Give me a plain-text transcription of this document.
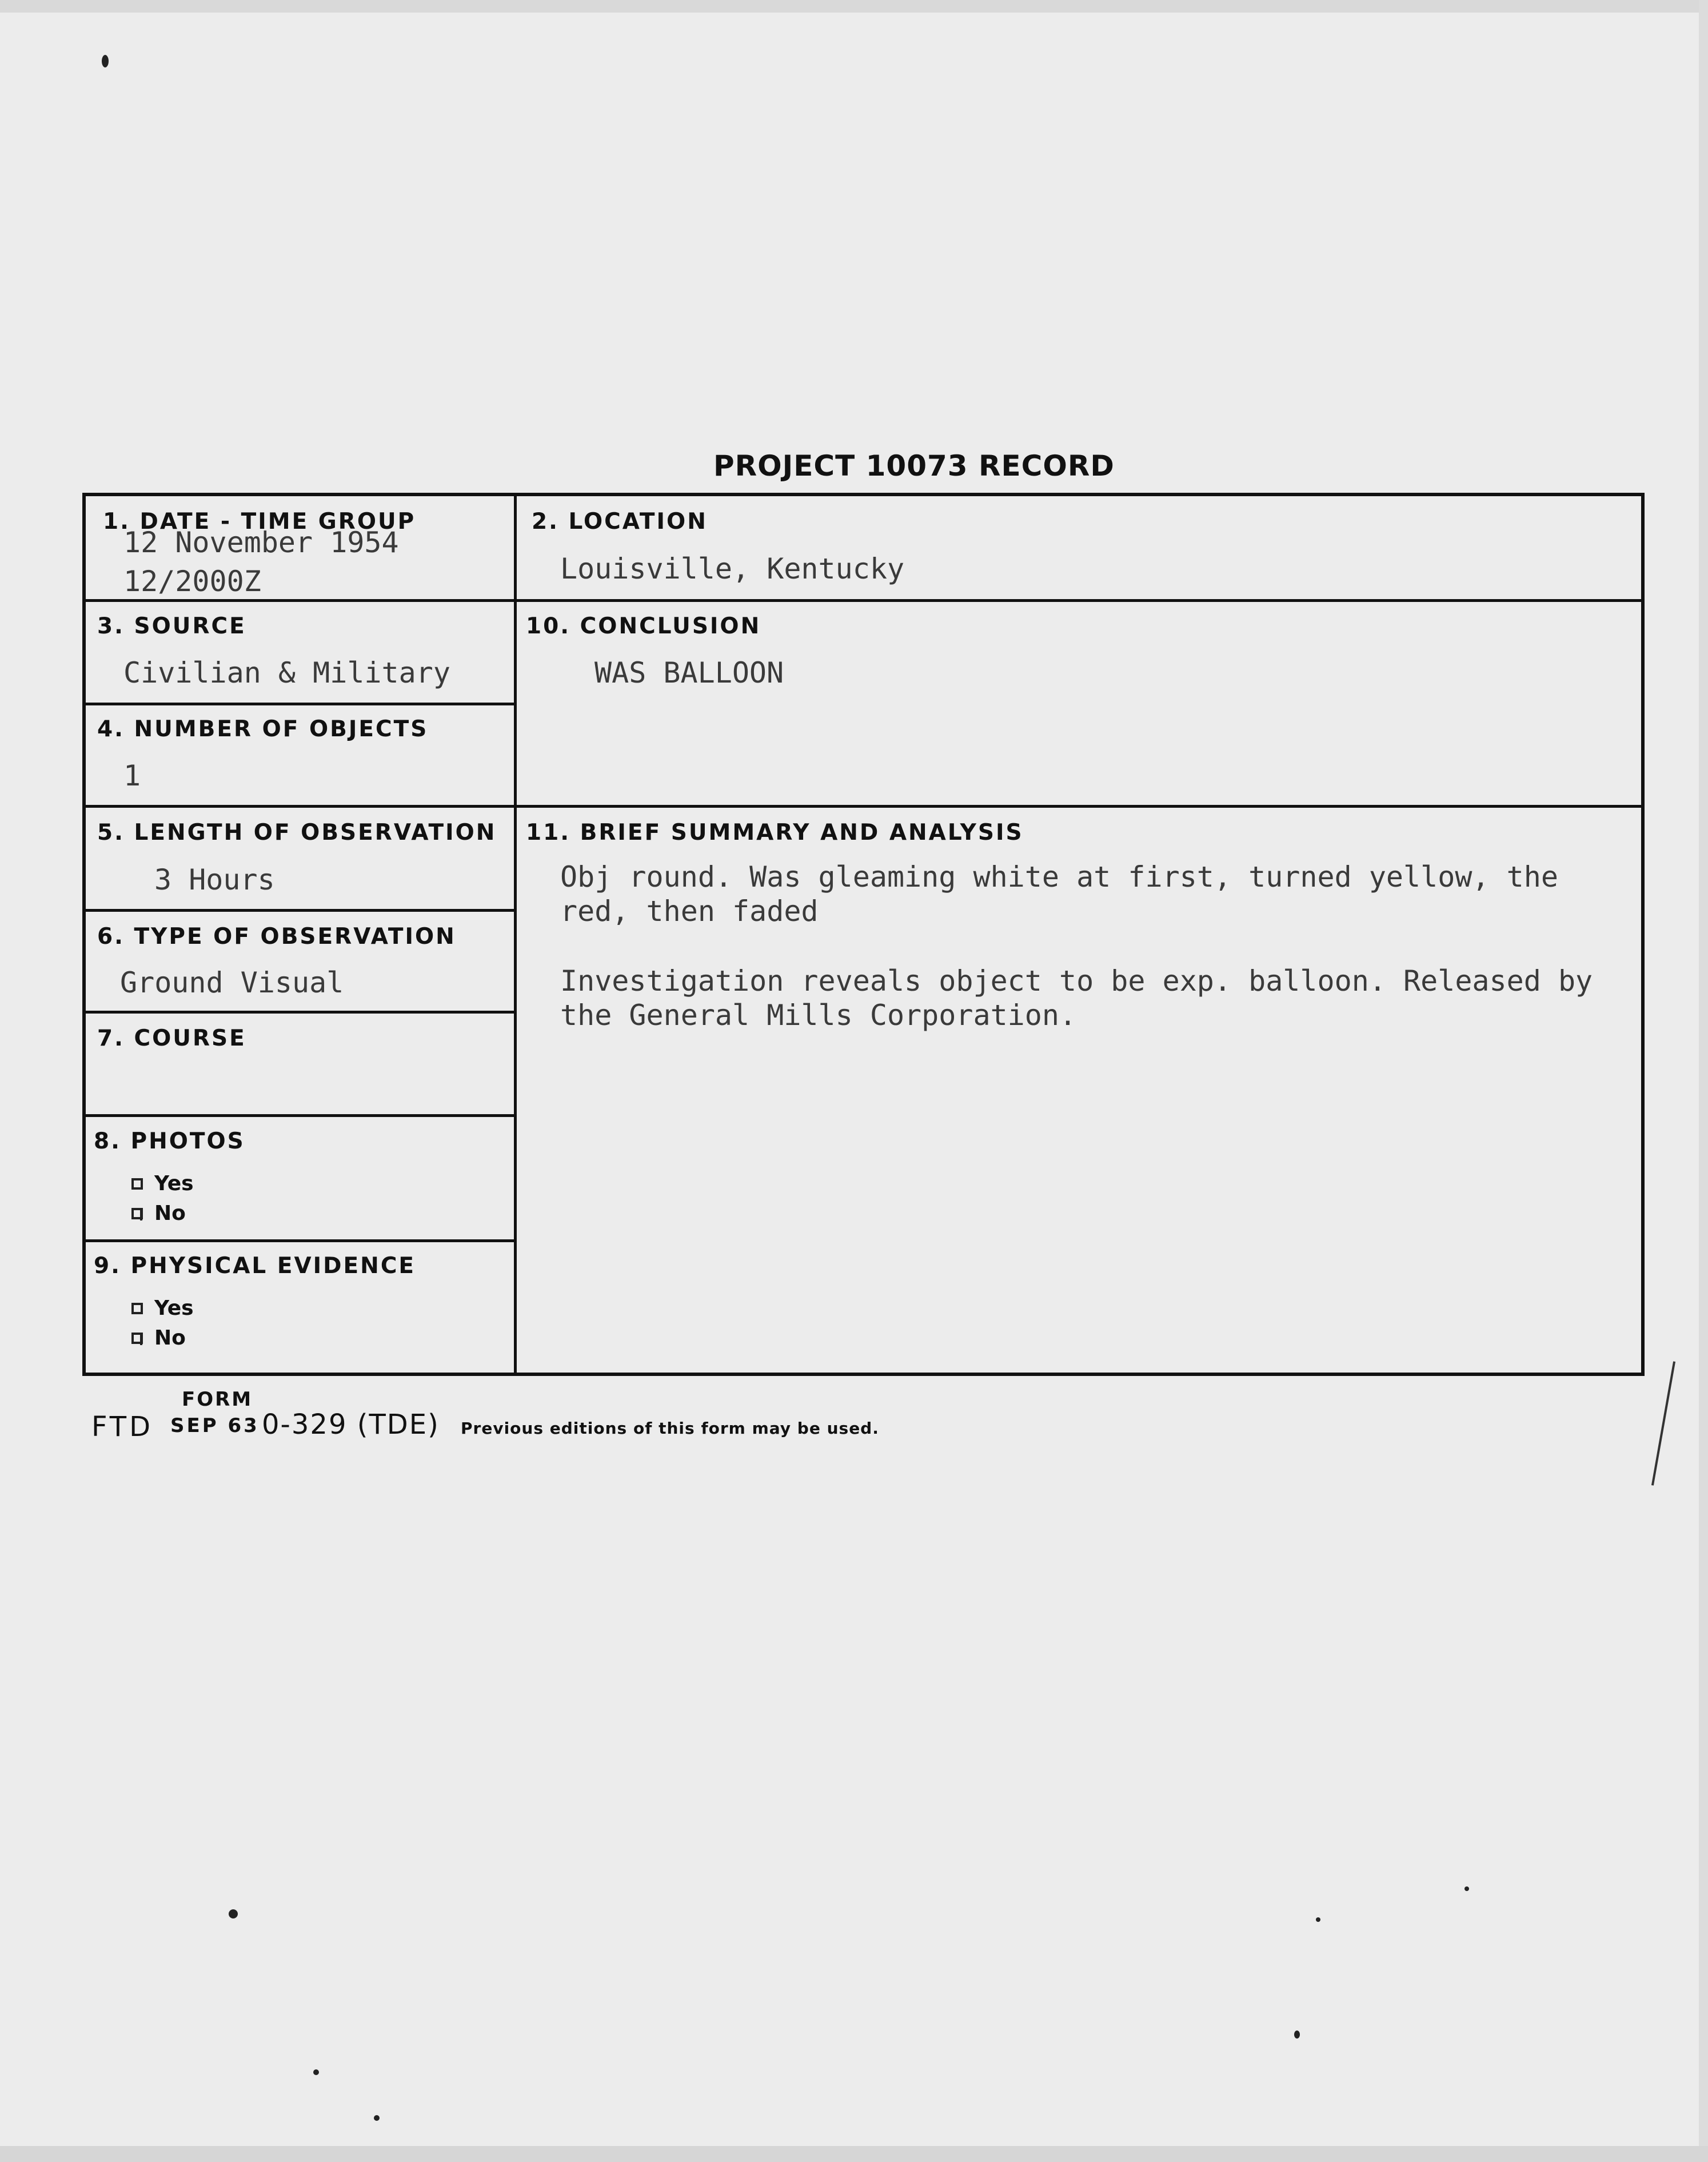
PROJECT 10073 RECORD
1. DATE - TIME GROUP
12 November 1954
12/2000Z
2. LOCATION
Louisville, Kentucky
3. SOURCE
Civilian & Military
10. CONCLUSION
WAS BALLOON
4. NUMBER OF OBJECTS
1
5. LENGTH OF OBSERVATION
3 Hours
11. BRIEF SUMMARY AND ANALYSIS
Obj round. Was gleaming white at first, turned yellow, the red, then faded
Investigation reveals object to be exp. balloon. Released by the General Mills Corporation.
6. TYPE OF OBSERVATION
Ground Visual
7. COURSE
8. PHOTOS
Yes
No
9. PHYSICAL EVIDENCE
Yes
No
FORM
FTD SEP 63 0-329 (TDE) Previous editions of this form may be used.
